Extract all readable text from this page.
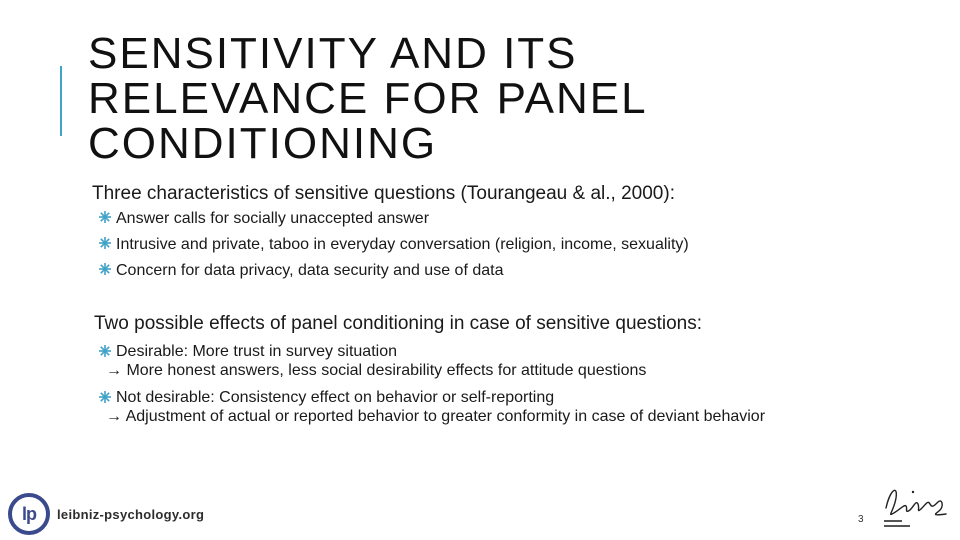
SENSITIVITY AND ITS
RELEVANCE FOR PANEL
CONDITIONING

Three characteristics of sensitive questions (Tourangeau & al., 2000):

Answer calls for socially unaccepted answer
Intrusive and private, taboo in everyday conversation (religion, income, sexuality)
Concern for data privacy, data security and use of data

Two possible effects of panel conditioning in case of sensitive questions:

Desirable: More trust in survey situation
→ More honest answers, less social desirability effects for attitude questions
Not desirable: Consistency effect on behavior or self-reporting
→ Adjustment of actual or reported behavior to greater conformity in case of deviant behavior
lp	leibniz-psychology.org	3
